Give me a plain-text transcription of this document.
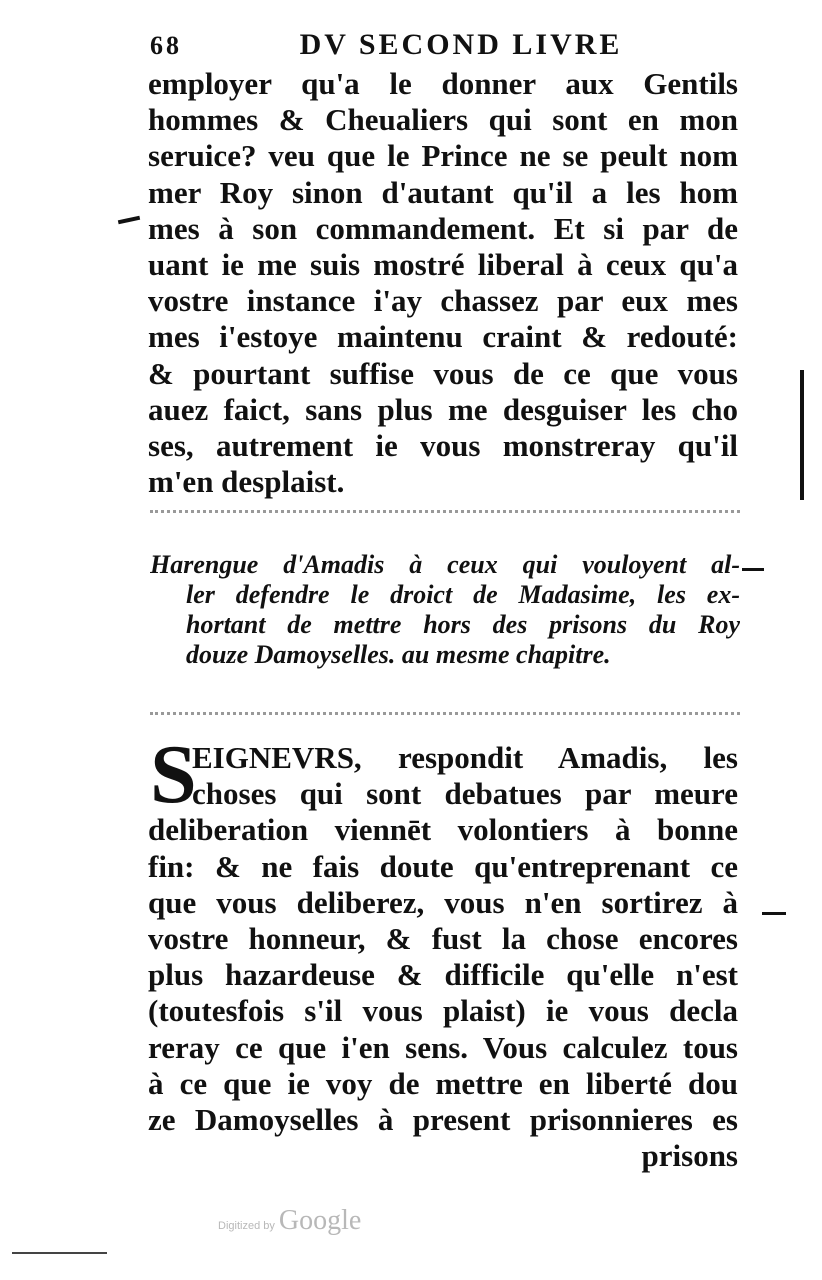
68	DV SECOND LIVRE
employer qu'a le donner aux Gentils
hommes & Cheualiers qui sont en mon
seruice? veu que le Prince ne se peult nom
mer Roy sinon d'autant qu'il a les hom
mes à son commandement. Et si par de
uant ie me suis mostré liberal à ceux qu'a
vostre instance i'ay chassez par eux mes
mes i'estoye maintenu craint & redouté:
& pourtant suffise vous de ce que vous
auez faict, sans plus me desguiser les cho
ses, autrement ie vous monstreray qu'il
m'en desplaist.
Harengue d'Amadis à ceux qui vouloyent al-
ler defendre le droict de Madasime, les ex-
hortant de mettre hors des prisons du Roy
douze Damoyselles. au mesme chapitre.
S
EIGNEVRS, respondit Amadis, les
choses qui sont debatues par meure
deliberation viennēt volontiers à bonne
fin: & ne fais doute qu'entreprenant ce
que vous deliberez, vous n'en sortirez à
vostre honneur, & fust la chose encores
plus hazardeuse & difficile qu'elle n'est
(toutesfois s'il vous plaist) ie vous decla
reray ce que i'en sens. Vous calculez tous
à ce que ie voy de mettre en liberté dou
ze Damoyselles à present prisonnieres es
prisons
Digitized by Google
